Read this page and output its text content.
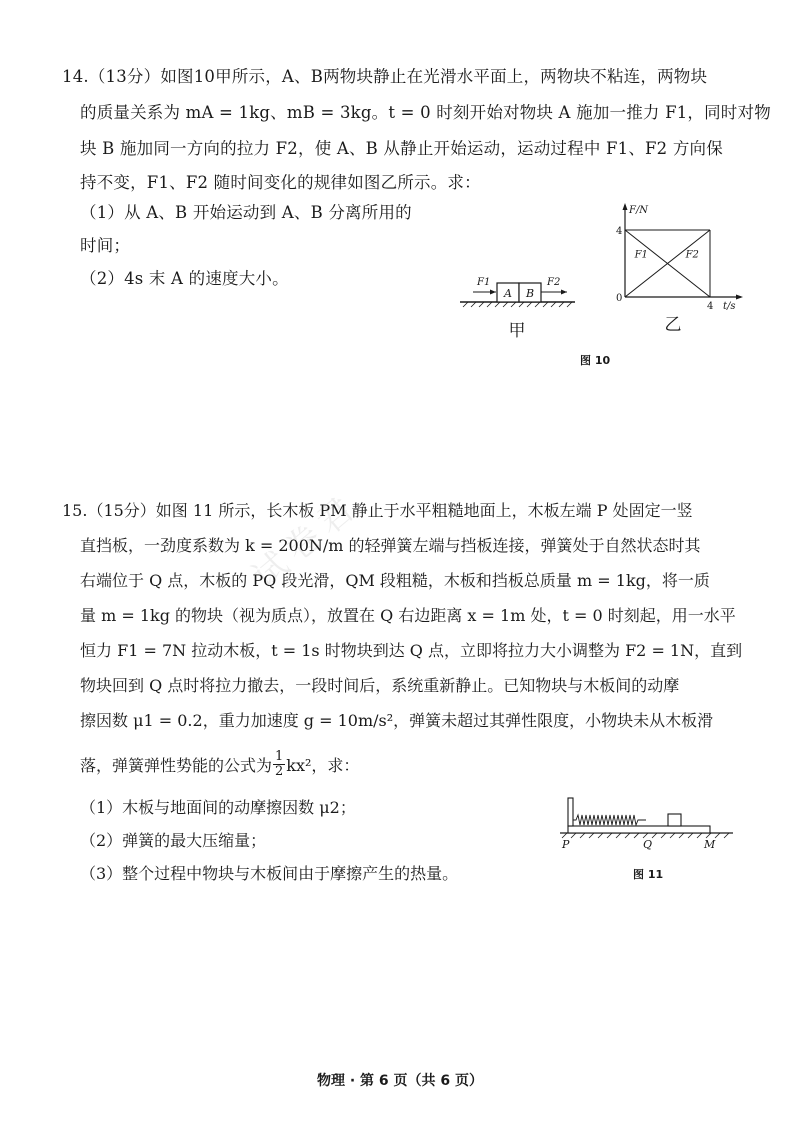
14.（13分）如图10甲所示，A、B两物块静止在光滑水平面上，两物块不粘连，两物块
的质量关系为 mA = 1kg、mB = 3kg。t = 0 时刻开始对物块 A 施加一推力 F1，同时对物
块 B 施加同一方向的拉力 F2，使 A、B 从静止开始运动，运动过程中 F1、F2 方向保
持不变，F1、F2 随时间变化的规律如图乙所示。求：
（1）从 A、B 开始运动到 A、B 分离所用的
时间；
（2）4s 末 A 的速度大小。
A B
F1	F2
甲
F/N
t/s
0
F1	F2
4
4
乙
图 10
试卷君
15.（15分）如图 11 所示，长木板 PM 静止于水平粗糙地面上，木板左端 P 处固定一竖
直挡板，一劲度系数为 k = 200N/m 的轻弹簧左端与挡板连接，弹簧处于自然状态时其
右端位于 Q 点，木板的 PQ 段光滑，QM 段粗糙，木板和挡板总质量 m = 1kg，将一质
量 m = 1kg 的物块（视为质点），放置在 Q 右边距离 x = 1m 处，t = 0 时刻起，用一水平
恒力 F1 = 7N 拉动木板，t = 1s 时物块到达 Q 点，立即将拉力大小调整为 F2 = 1N，直到
物块回到 Q 点时将拉力撤去，一段时间后，系统重新静止。已知物块与木板间的动摩
擦因数 μ1 = 0.2，重力加速度 g = 10m/s²，弹簧未超过其弹性限度，小物块未从木板滑
落，弹簧弹性势能的公式为 $\frac{1}{2} kx^2$，求：
（1）木板与地面间的动摩擦因数 μ2；
（2）弹簧的最大压缩量；
（3）整个过程中物块与木板间由于摩擦产生的热量。
P	Q	M
图 11
物理 · 第 6 页（共 6 页）
